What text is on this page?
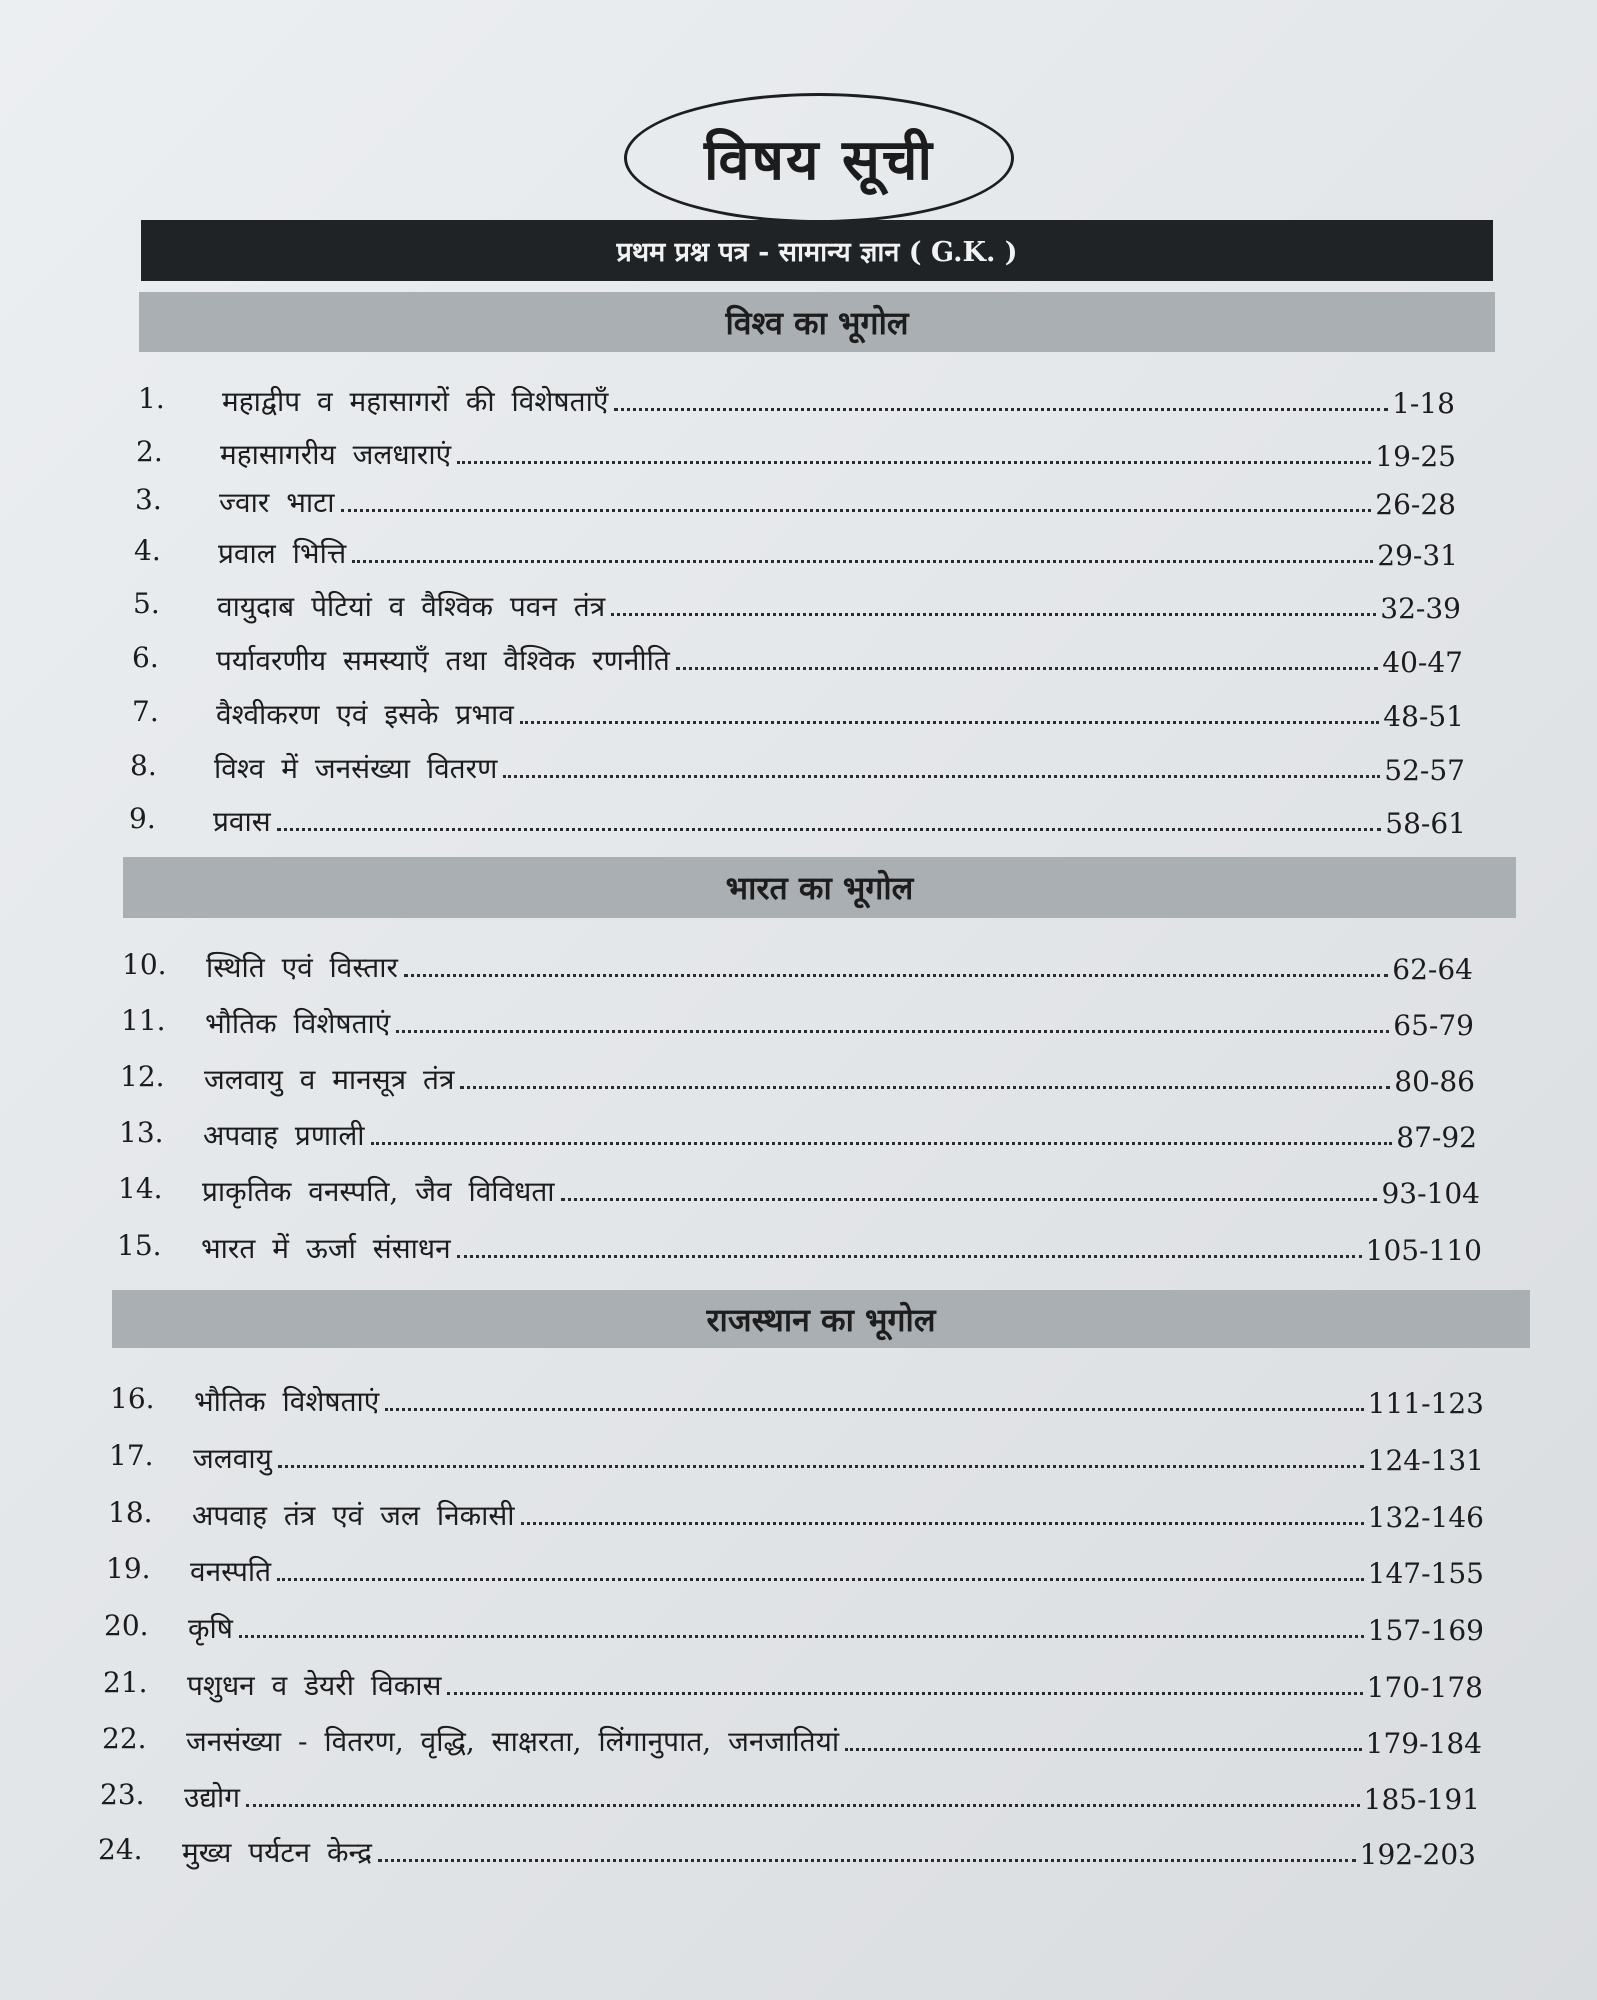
विषय सूची
प्रथम प्रश्न पत्र - सामान्य ज्ञान ( G.K. )
विश्व का भूगोल
1.	महाद्वीप व महासागरों की विशेषताएँ	1-18
2.	महासागरीय जलधाराएं	19-25
3.	ज्वार भाटा	26-28
4.	प्रवाल भित्ति	29-31
5.	वायुदाब पेटियां व वैश्विक पवन तंत्र	32-39
6.	पर्यावरणीय समस्याएँ तथा वैश्विक रणनीति	40-47
7.	वैश्वीकरण एवं इसके प्रभाव	48-51
8.	विश्व में जनसंख्या वितरण	52-57
9.	प्रवास	58-61
भारत का भूगोल
10.	स्थिति एवं विस्तार	62-64
11.	भौतिक विशेषताएं	65-79
12.	जलवायु व मानसूत्र तंत्र	80-86
13.	अपवाह प्रणाली	87-92
14.	प्राकृतिक वनस्पति, जैव विविधता	93-104
15.	भारत में ऊर्जा संसाधन	105-110
राजस्थान का भूगोल
16.	भौतिक विशेषताएं	111-123
17.	जलवायु	124-131
18.	अपवाह तंत्र एवं जल निकासी	132-146
19.	वनस्पति	147-155
20.	कृषि	157-169
21.	पशुधन व डेयरी विकास	170-178
22.	जनसंख्या - वितरण, वृद्धि, साक्षरता, लिंगानुपात, जनजातियां	179-184
23.	उद्योग	185-191
24.	मुख्य पर्यटन केन्द्र	192-203
